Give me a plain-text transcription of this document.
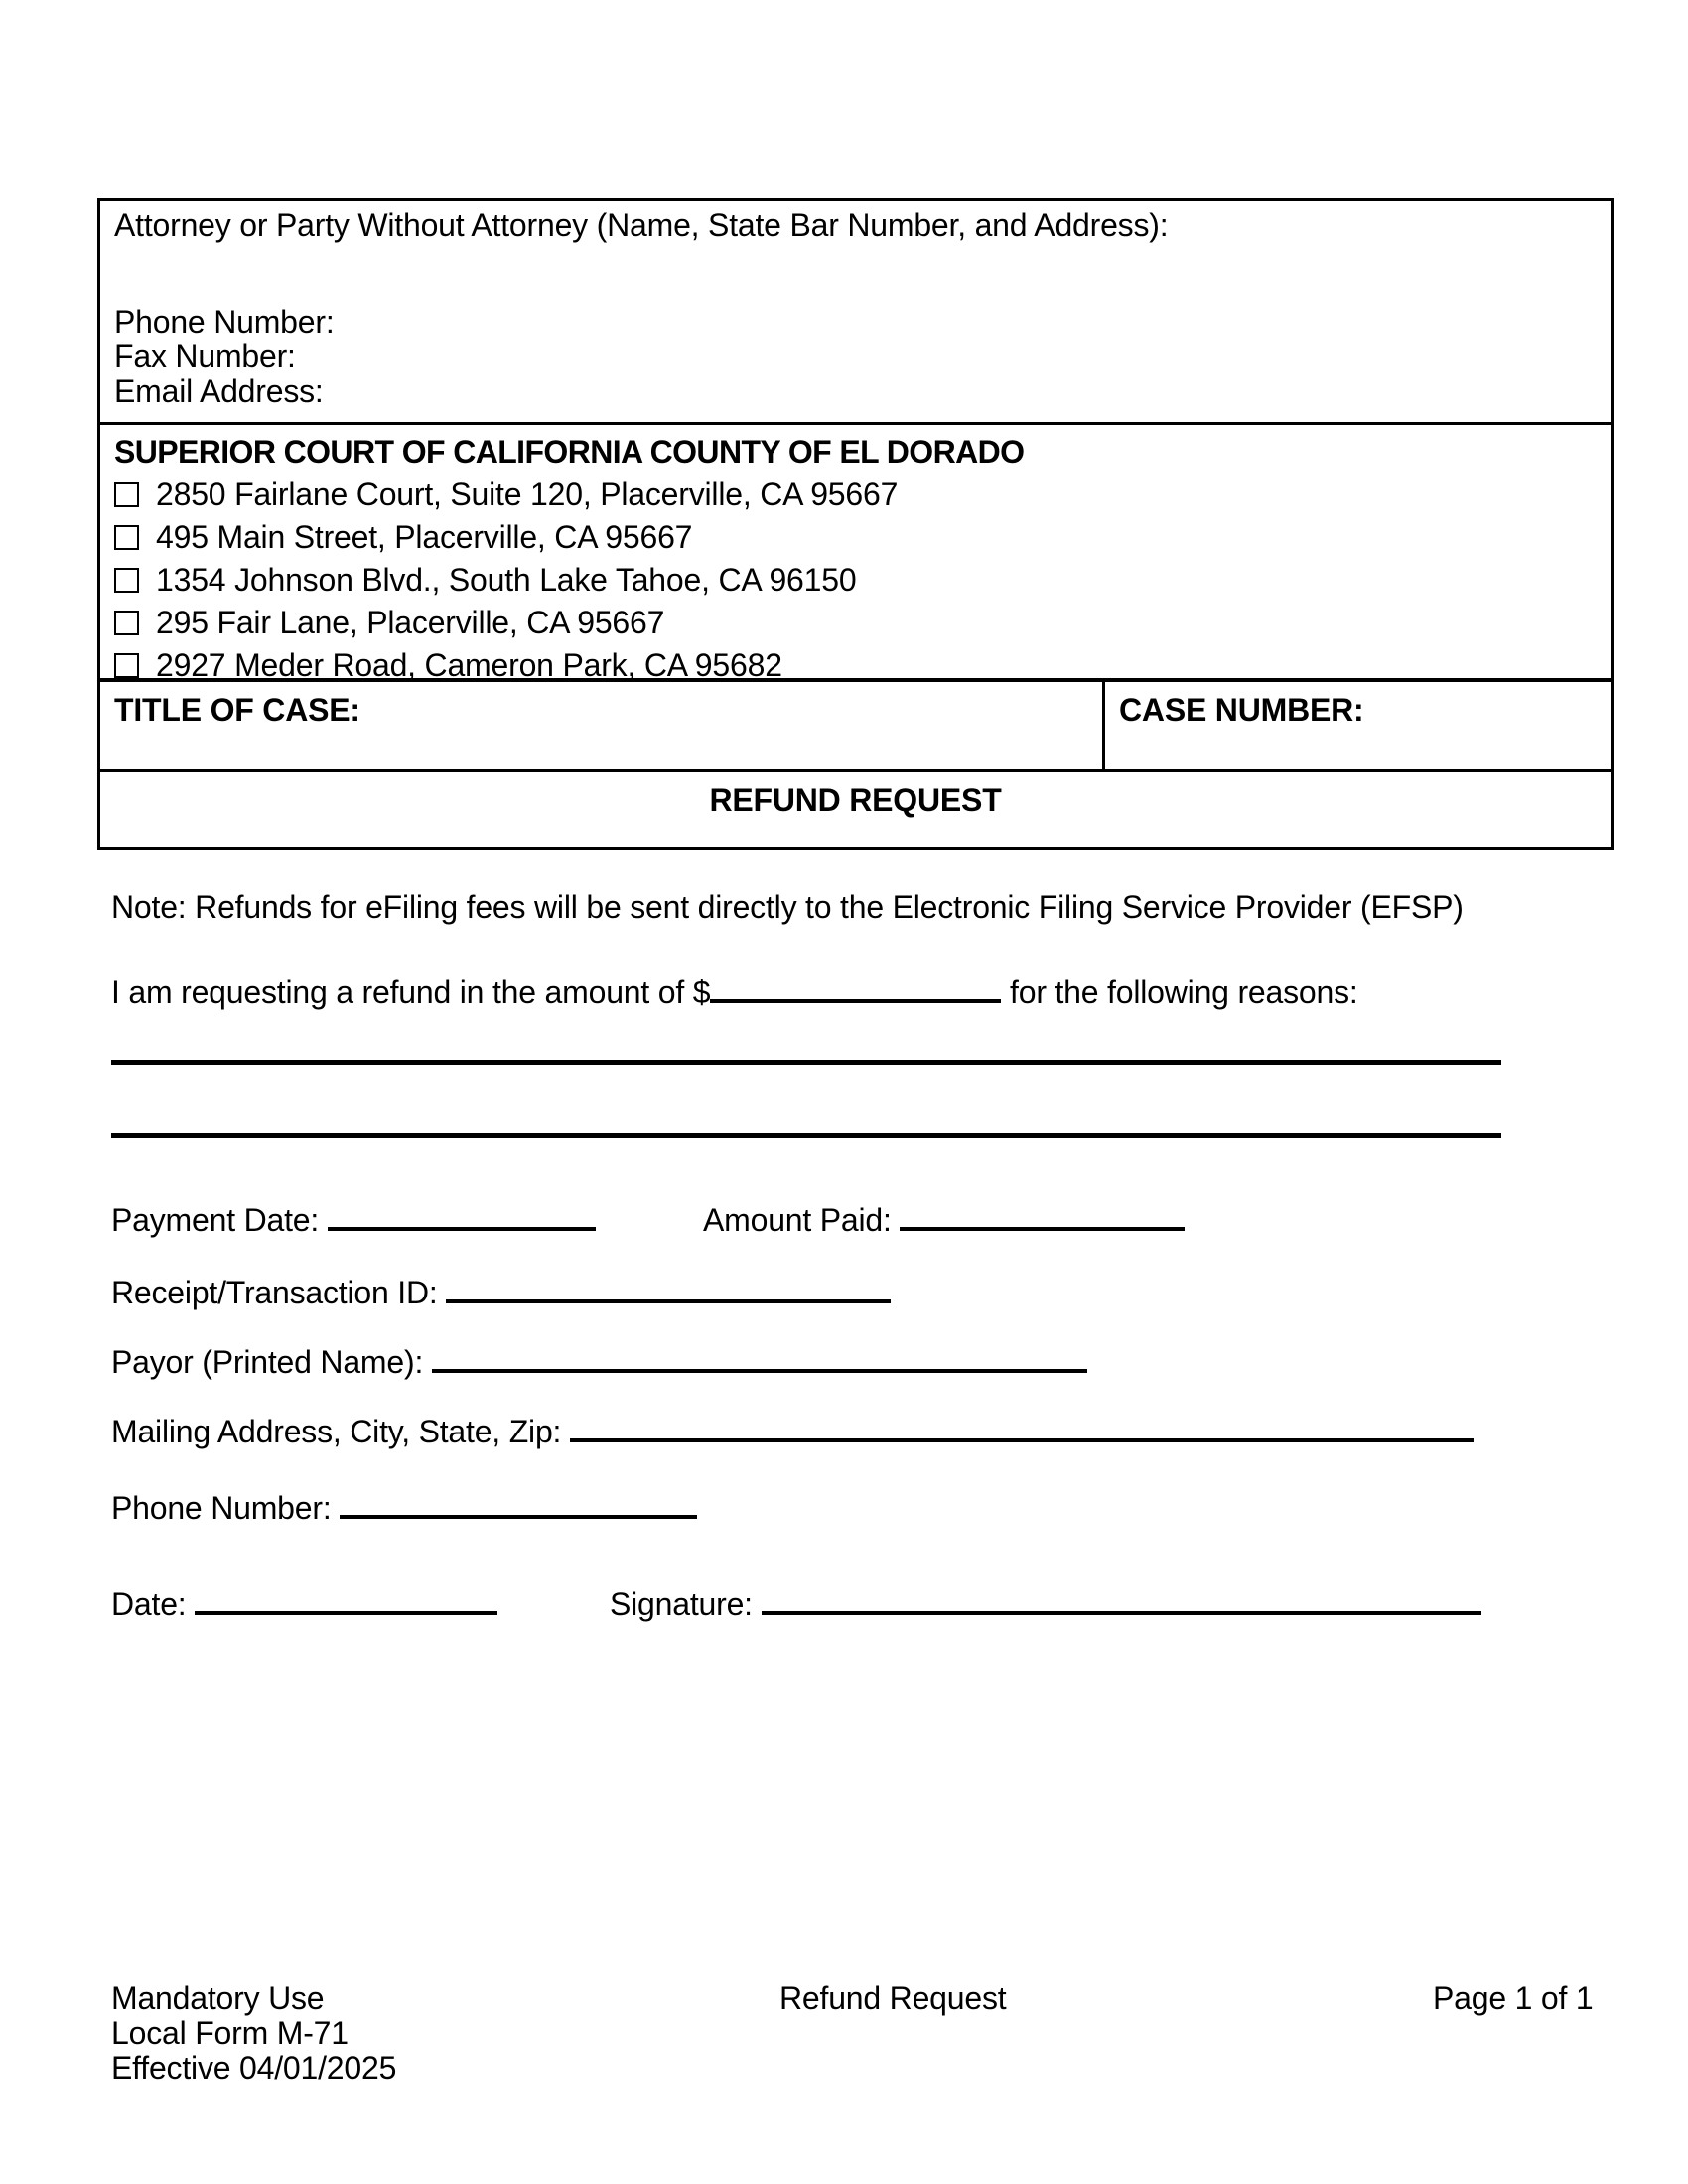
Attorney or Party Without Attorney (Name, State Bar Number, and Address):
Phone Number:
Fax Number:
Email Address:
SUPERIOR COURT OF CALIFORNIA COUNTY OF EL DORADO
2850 Fairlane Court, Suite 120, Placerville, CA 95667
495 Main Street, Placerville, CA 95667
1354 Johnson Blvd., South Lake Tahoe, CA 96150
295 Fair Lane, Placerville, CA 95667
2927 Meder Road, Cameron Park, CA 95682
TITLE OF CASE:	CASE NUMBER:
REFUND REQUEST
Note: Refunds for eFiling fees will be sent directly to the Electronic Filing Service Provider (EFSP)
I am requesting a refund in the amount of $	for the following reasons:
Payment Date:	Amount Paid:
Receipt/Transaction ID:
Payor (Printed Name):
Mailing Address, City, State, Zip:
Phone Number:
Date:	Signature:
Mandatory Use	Refund Request	Page 1 of 1
Local Form M-71
Effective 04/01/2025
